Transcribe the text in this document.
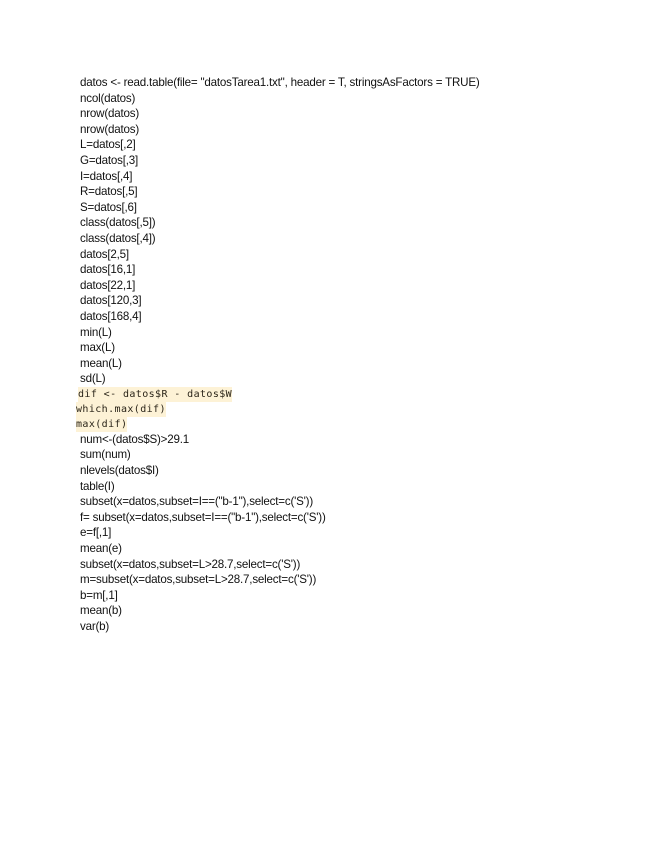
datos <- read.table(file= "datosTarea1.txt", header = T, stringsAsFactors = TRUE)
ncol(datos)
nrow(datos)
nrow(datos)
L=datos[,2]
G=datos[,3]
I=datos[,4]
R=datos[,5]
S=datos[,6]
class(datos[,5])
class(datos[,4])
datos[2,5]
datos[16,1]
datos[22,1]
datos[120,3]
datos[168,4]
min(L)
max(L)
mean(L)
sd(L)
dif <- datos$R - datos$W
which.max(dif)
max(dif)
num<-(datos$S)>29.1
sum(num)
nlevels(datos$I)
table(I)
subset(x=datos,subset=I==("b-1"),select=c('S'))
f= subset(x=datos,subset=I==("b-1"),select=c('S'))
e=f[,1]
mean(e)
subset(x=datos,subset=L>28.7,select=c('S'))
m=subset(x=datos,subset=L>28.7,select=c('S'))
b=m[,1]
mean(b)
var(b)
